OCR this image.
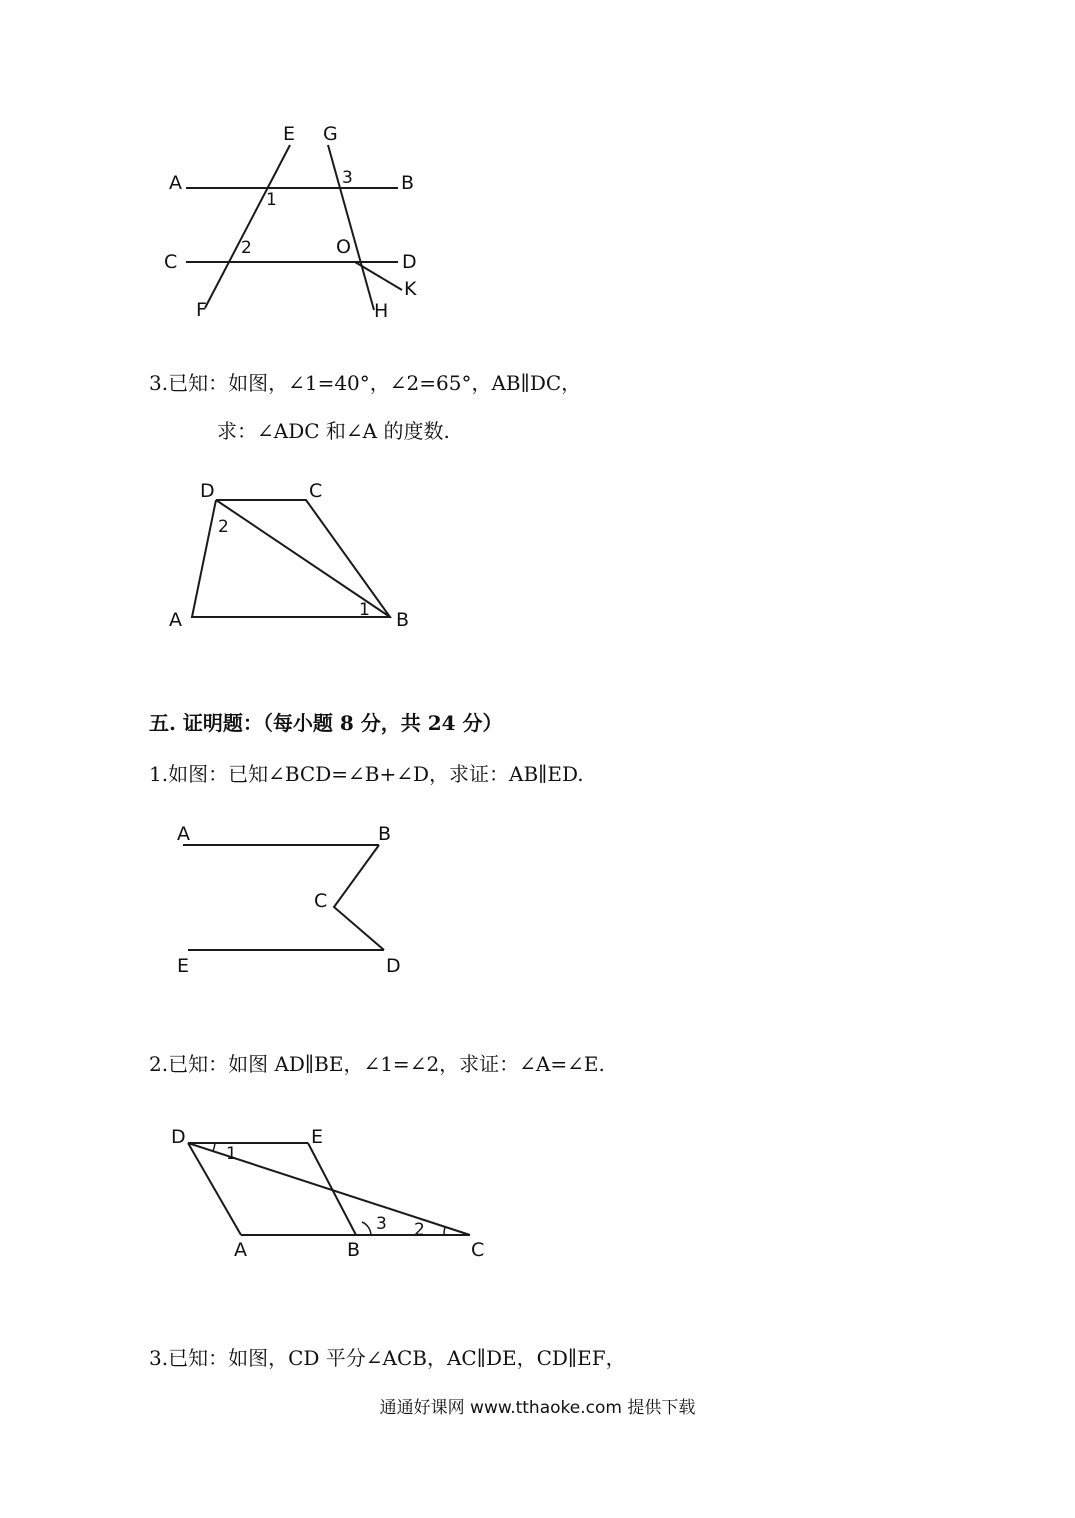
E G
A	B
3
1
2	O
C	D
K
F	H
D	C
2
1
A	B
A	B
C
E	D
D	E
1
3 2
A	B	C
3.已知：如图，∠1=40°，∠2=65°，AB∥DC，
求：∠ADC 和∠A 的度数.
五. 证明题：（每小题 8 分，共 24 分）
1.如图：已知∠BCD=∠B+∠D，求证：AB∥ED.
2.已知：如图 AD∥BE，∠1=∠2，求证：∠A=∠E.
3.已知：如图，CD 平分∠ACB，AC∥DE，CD∥EF，
通通好课网 www.tthaoke.com 提供下载
